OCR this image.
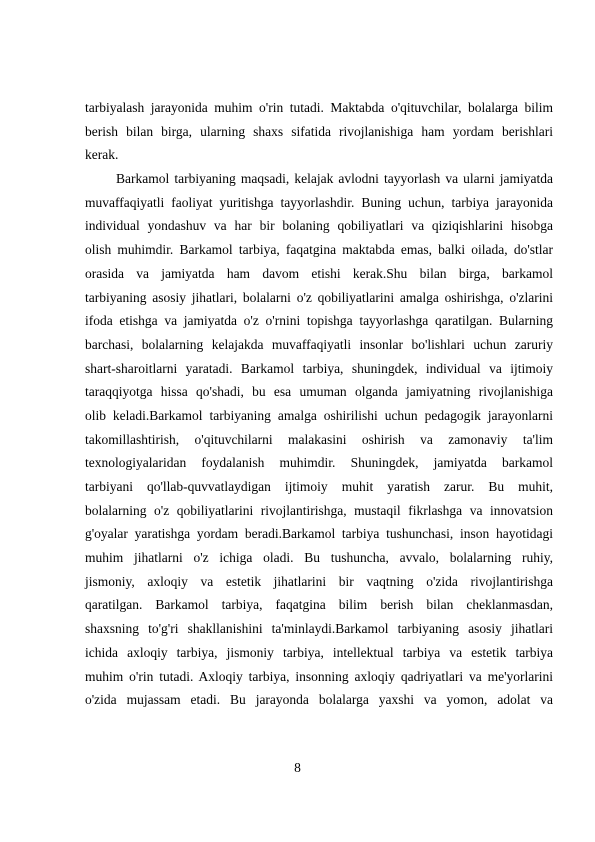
tarbiyalash jarayonida muhim o'rin tutadi. Maktabda o'qituvchilar, bolalarga bilim
berish bilan birga, ularning shaxs sifatida rivojlanishiga ham yordam berishlari
kerak.
Barkamol tarbiyaning maqsadi, kelajak avlodni tayyorlash va ularni jamiyatda
muvaffaqiyatli faoliyat yuritishga tayyorlashdir. Buning uchun, tarbiya jarayonida
individual yondashuv va har bir bolaning qobiliyatlari va qiziqishlarini hisobga
olish muhimdir. Barkamol tarbiya, faqatgina maktabda emas, balki oilada, do'stlar
orasida va jamiyatda ham davom etishi kerak.Shu bilan birga, barkamol
tarbiyaning asosiy jihatlari, bolalarni o'z qobiliyatlarini amalga oshirishga, o'zlarini
ifoda etishga va jamiyatda o'z o'rnini topishga tayyorlashga qaratilgan. Bularning
barchasi, bolalarning kelajakda muvaffaqiyatli insonlar bo'lishlari uchun zaruriy
shart-sharoitlarni yaratadi. Barkamol tarbiya, shuningdek, individual va ijtimoiy
taraqqiyotga hissa qo'shadi, bu esa umuman olganda jamiyatning rivojlanishiga
olib keladi.Barkamol tarbiyaning amalga oshirilishi uchun pedagogik jarayonlarni
takomillashtirish, o'qituvchilarni malakasini oshirish va zamonaviy ta'lim
texnologiyalaridan foydalanish muhimdir. Shuningdek, jamiyatda barkamol
tarbiyani qo'llab-quvvatlaydigan ijtimoiy muhit yaratish zarur. Bu muhit,
bolalarning o'z qobiliyatlarini rivojlantirishga, mustaqil fikrlashga va innovatsion
g'oyalar yaratishga yordam beradi.Barkamol tarbiya tushunchasi, inson hayotidagi
muhim jihatlarni o'z ichiga oladi. Bu tushuncha, avvalo, bolalarning ruhiy,
jismoniy, axloqiy va estetik jihatlarini bir vaqtning o'zida rivojlantirishga
qaratilgan. Barkamol tarbiya, faqatgina bilim berish bilan cheklanmasdan,
shaxsning to'g'ri shakllanishini ta'minlaydi.Barkamol tarbiyaning asosiy jihatlari
ichida axloqiy tarbiya, jismoniy tarbiya, intellektual tarbiya va estetik tarbiya
muhim o'rin tutadi. Axloqiy tarbiya, insonning axloqiy qadriyatlari va me'yorlarini
o'zida mujassam etadi. Bu jarayonda bolalarga yaxshi va yomon, adolat va
8
